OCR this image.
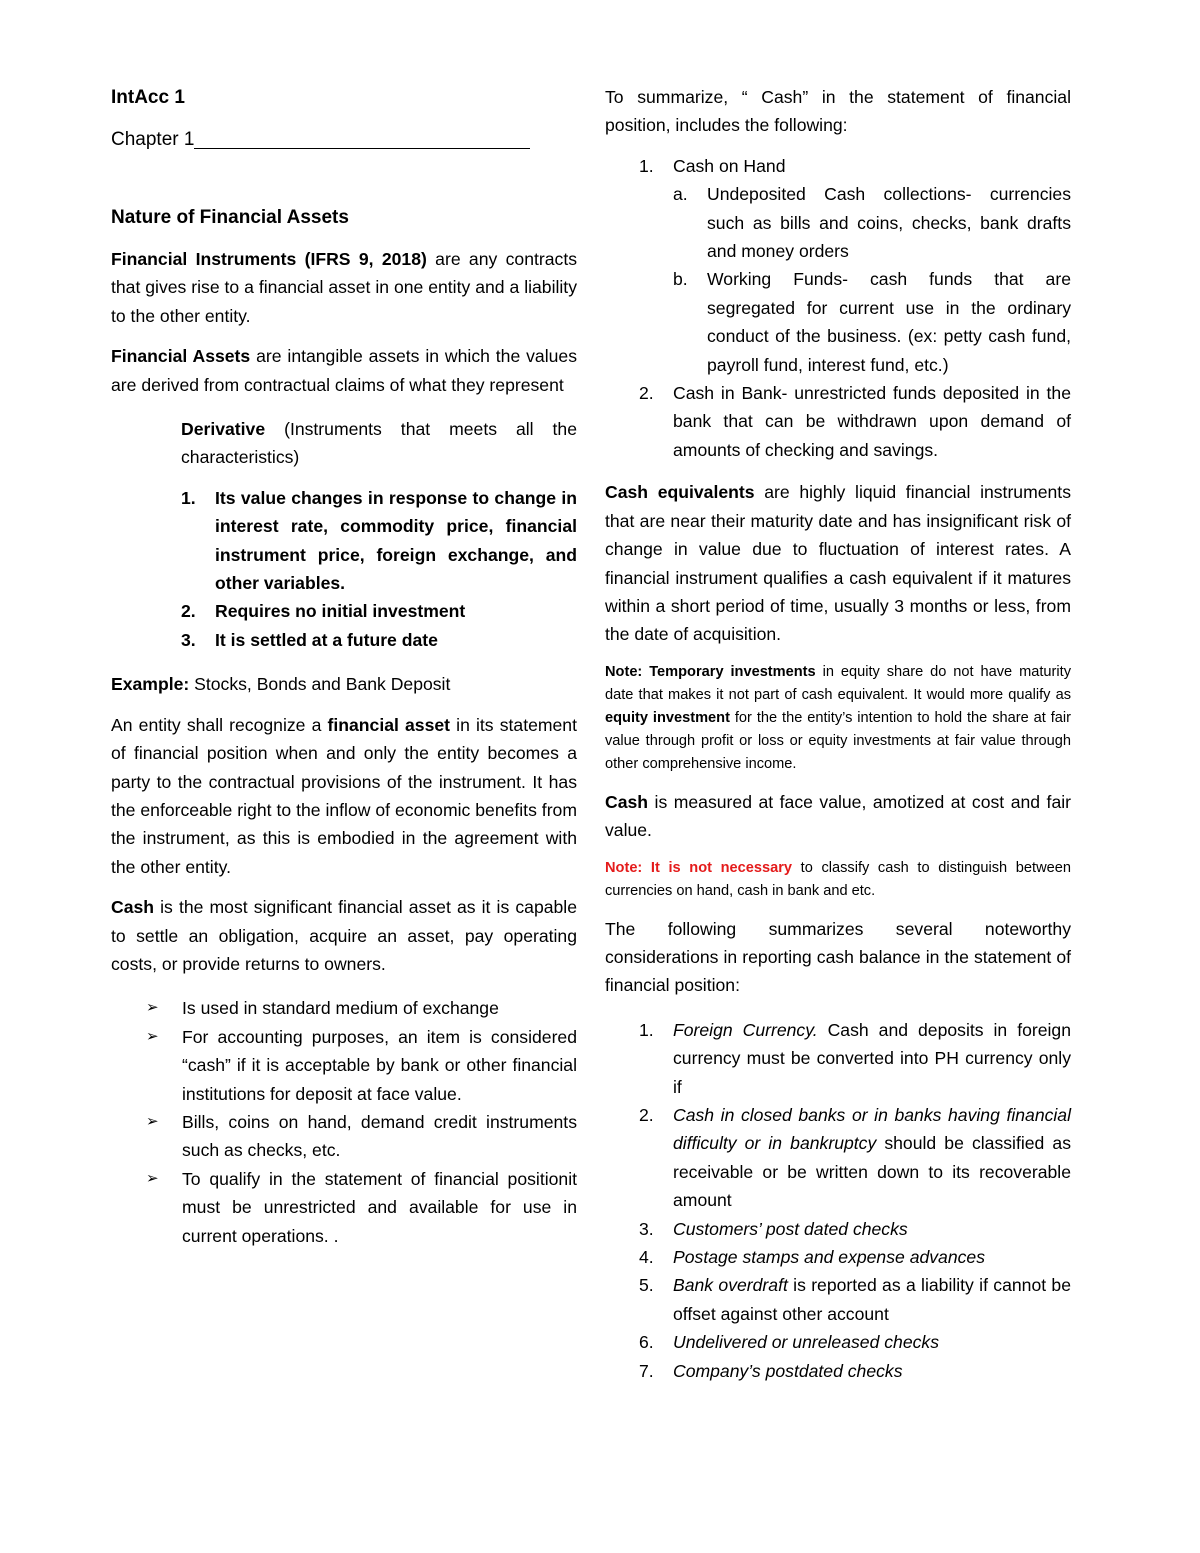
IntAcc 1

Chapter 1

Nature of Financial Assets

Financial Instruments (IFRS 9, 2018) are any contracts that gives rise to a financial asset in one entity and a liability to the other entity.

Financial Assets are intangible assets in which the values are derived from contractual claims of what they represent

Derivative (Instruments that meets all the characteristics)

1.	Its value changes in response to change in interest rate, commodity price, financial instrument price, foreign exchange, and other variables.
2.	Requires no initial investment
3.	It is settled at a future date

Example: Stocks, Bonds and Bank Deposit

An entity shall recognize a financial asset in its statement of financial position when and only the entity becomes a party to the contractual provisions of the instrument. It has the enforceable right to the inflow of economic benefits from the instrument, as this is embodied in the agreement with the other entity.

Cash is the most significant financial asset as it is capable to settle an obligation, acquire an asset, pay operating costs, or provide returns to owners.

➢	Is used in standard medium of exchange
➢	For accounting purposes, an item is considered “cash” if it is acceptable by bank or other financial institutions for deposit at face value.
➢	Bills, coins on hand, demand credit instruments such as checks, etc.
➢	To qualify in the statement of financial positionit must be unrestricted and available for use in current operations. .

To summarize, “ Cash” in the statement of financial position, includes the following:

1.	Cash on Hand
a.	Undeposited Cash collections- currencies such as bills and coins, checks, bank drafts and money orders
b.	Working Funds- cash funds that are segregated for current use in the ordinary conduct of the business. (ex: petty cash fund, payroll fund, interest fund, etc.)
2.	Cash in Bank- unrestricted funds deposited in the bank that can be withdrawn upon demand of amounts of checking and savings.

Cash equivalents are highly liquid financial instruments that are near their maturity date and has insignificant risk of change in value due to fluctuation of interest rates. A financial instrument qualifies a cash equivalent if it matures within a short period of time, usually 3 months or less, from the date of acquisition.

Note: Temporary investments in equity share do not have maturity date that makes it not part of cash equivalent. It would more qualify as equity investment for the the entity’s intention to hold the share at fair value through profit or loss or equity investments at fair value through other comprehensive income.

Cash is measured at face value, amotized at cost and fair value.

Note: It is not necessary to classify cash to distinguish between currencies on hand, cash in bank and etc.

The following summarizes several noteworthy considerations in reporting cash balance in the statement of financial position:

1.	Foreign Currency. Cash and deposits in foreign currency must be converted into PH currency only if
2.	Cash in closed banks or in banks having financial difficulty or in bankruptcy should be classified as receivable or be written down to its recoverable amount
3.	Customers’ post dated checks
4.	Postage stamps and expense advances
5.	Bank overdraft is reported as a liability if cannot be offset against other account
6.	Undelivered or unreleased checks
7.	Company’s postdated checks
